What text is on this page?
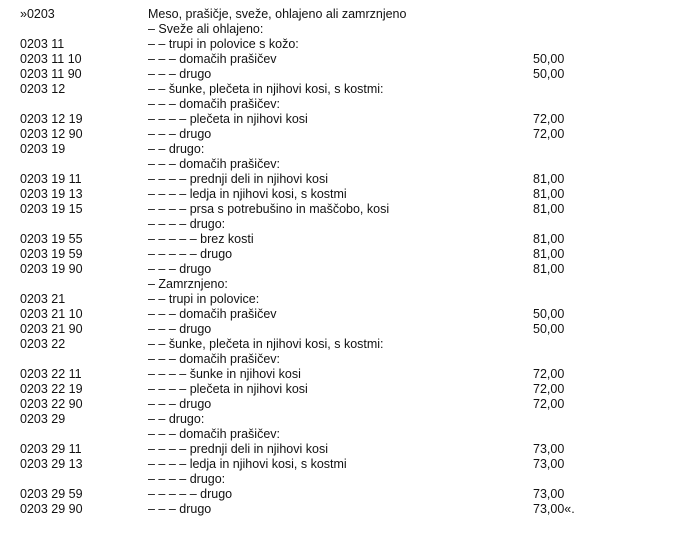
»0203	Meso, prašičje, sveže, ohlajeno ali zamrznjeno
– Sveže ali ohlajeno:
0203 11	– – trupi in polovice s kožo:
0203 11 10	– – – domačih prašičev	50,00
0203 11 90	– – – drugo	50,00
0203 12	– – šunke, plečeta in njihovi kosi, s kostmi:
– – – domačih prašičev:
0203 12 19	– – – – plečeta in njihovi kosi	72,00
0203 12 90	– – – drugo	72,00
0203 19	– – drugo:
– – – domačih prašičev:
0203 19 11	– – – – prednji deli in njihovi kosi	81,00
0203 19 13	– – – – ledja in njihovi kosi, s kostmi	81,00
0203 19 15	– – – – prsa s potrebušino in maščobo, kosi	81,00
– – – – drugo:
0203 19 55	– – – – – brez kosti	81,00
0203 19 59	– – – – – drugo	81,00
0203 19 90	– – – drugo	81,00
– Zamrznjeno:
0203 21	– – trupi in polovice:
0203 21 10	– – – domačih prašičev	50,00
0203 21 90	– – – drugo	50,00
0203 22	– – šunke, plečeta in njihovi kosi, s kostmi:
– – – domačih prašičev:
0203 22 11	– – – – šunke in njihovi kosi	72,00
0203 22 19	– – – – plečeta in njihovi kosi	72,00
0203 22 90	– – – drugo	72,00
0203 29	– – drugo:
– – – domačih prašičev:
0203 29 11	– – – – prednji deli in njihovi kosi	73,00
0203 29 13	– – – – ledja in njihovi kosi, s kostmi	73,00
– – – – drugo:
0203 29 59	– – – – – drugo	73,00
0203 29 90	– – – drugo	73,00«.
